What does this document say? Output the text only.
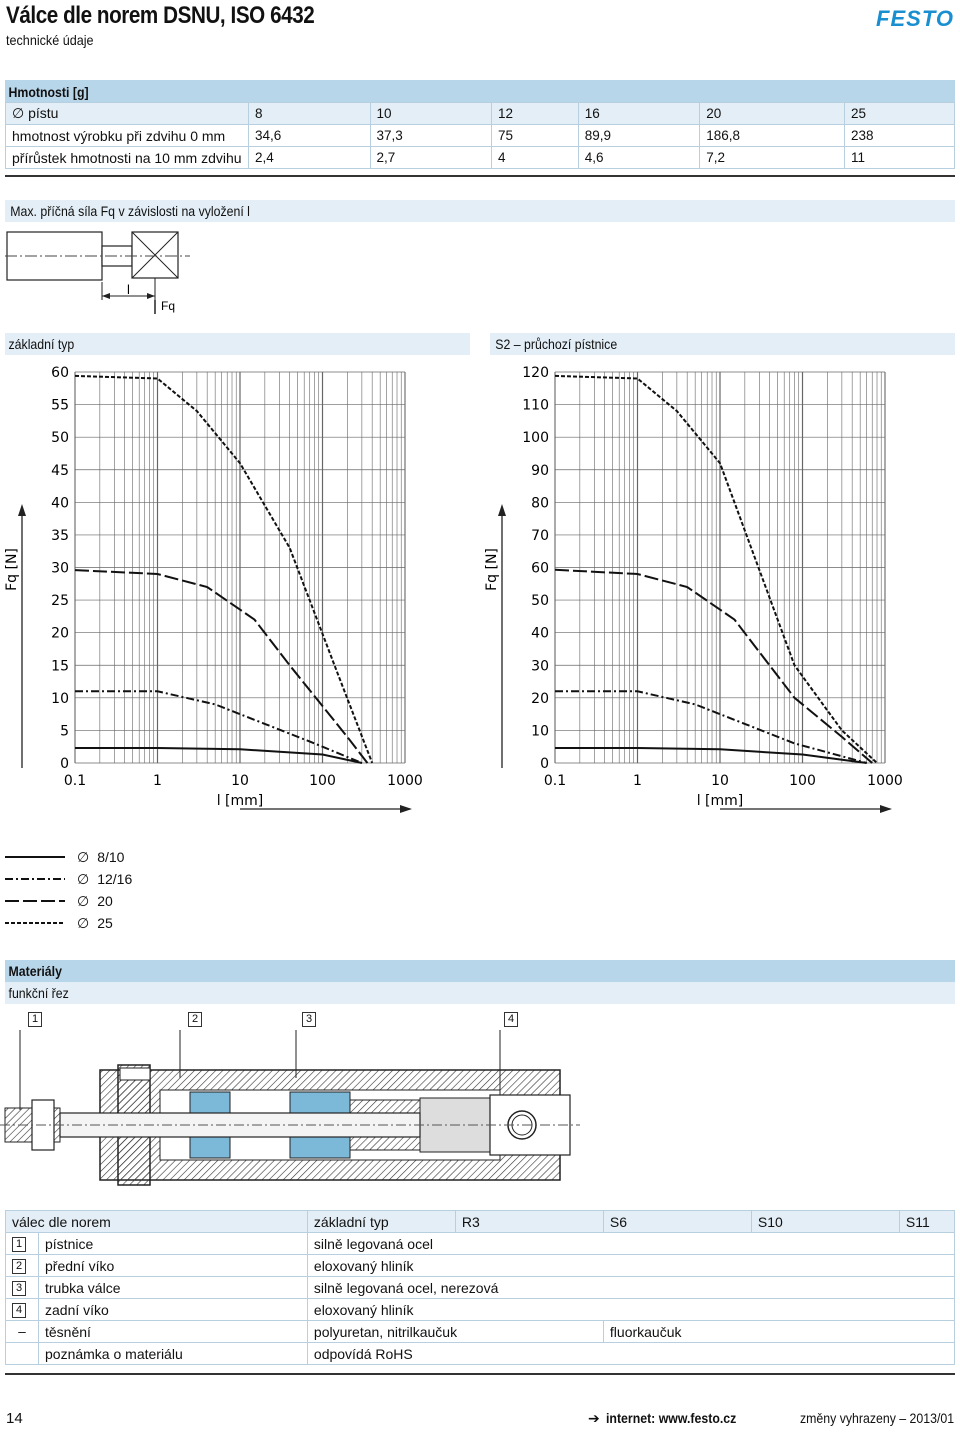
Válce dle norem DSNU, ISO 6432
technické údaje
FESTO
Hmotnosti [g]
∅ pístu	8	10	12	16	20	25
hmotnost výrobku při zdvihu 0 mm	34,6	37,3	75	89,9	186,8	238
přírůstek hmotnosti na 10 mm zdvihu	2,4	2,7	4	4,6	7,2	11
Max. příčná síla Fq v závislosti na vyložení l
l
Fq
základní typ	S2 – průchozí pístnice
0
5
10
15
20
25
30
35
40
45
50
55
60
0.1	1	10	100	1000
l [mm]
Fq [N]
0
10
20
30
40
50
60
70
80
90
100
110
120
0.1	1	10	100	1000
l [mm]
Fq [N]
∅ 8/10
∅ 12/16
∅ 20
∅ 25
Materiály
funkční řez
1	2	3	4
válec dle norem		základní typ	R3	S6	S10	S11
1	pístnice	silně legovaná ocel				
2	přední víko	eloxovaný hliník				
3	trubka válce	silně legovaná ocel, nerezová				
4	zadní víko	eloxovaný hliník				
–	těsnění	polyuretan, nitrilkaučuk		fluorkaučuk		
	poznámka o materiálu	odpovídá RoHS				
14	➔ internet: www.festo.cz	změny vyhrazeny – 2013/01
